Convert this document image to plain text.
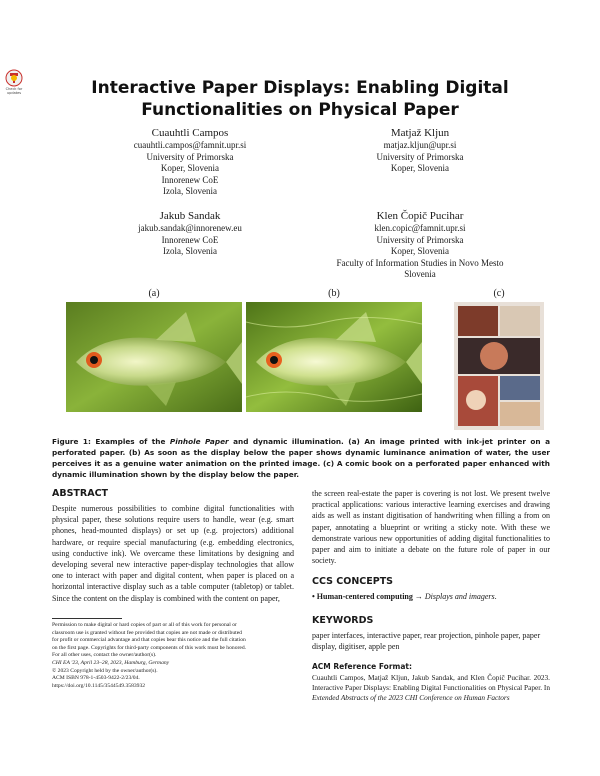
Check for updates	Interactive Paper Displays: Enabling Digital Functionalities on Physical Paper
Cuauhtli Campos
cuauhtli.campos@famnit.upr.si
University of Primorska
Koper, Slovenia
Innorenew CoE
Izola, Slovenia
Matjaž Kljun
matjaz.kljun@upr.si
University of Primorska
Koper, Slovenia
Jakub Sandak
jakub.sandak@innorenew.eu
Innorenew CoE
Izola, Slovenia
Klen Čopič Pucihar
klen.copic@famnit.upr.si
University of Primorska
Koper, Slovenia
Faculty of Information Studies in Novo Mesto
Slovenia
(a)	(b)	(c)
Figure 1: Examples of the Pinhole Paper and dynamic illumination. (a) An image printed with ink-jet printer on a perforated paper. (b) As soon as the display below the paper shows dynamic luminance animation of water, the user perceives it as a genuine water animation on the printed image. (c) A comic book on a perforated paper enhanced with dynamic illumination shown by the display below the paper.
ABSTRACT
Despite numerous possibilities to combine digital functionalities with physical paper, these solutions require users to handle, wear (e.g. smart phones, head-mounted displays) or set up (e.g. projectors) additional hardware, or require special manufacturing (e.g. embedding electronics, using conductive ink). We overcame these limitations by designing and developing several new interactive paper-display technologies that allow one to interact with paper and digital content, when paper is placed on a horizontal interactive display such as a table computer (tabletop) or tablet. Since the content on the display is combined with the content on paper,
Permission to make digital or hard copies of part or all of this work for personal or
classroom use is granted without fee provided that copies are not made or distributed
for profit or commercial advantage and that copies bear this notice and the full citation
on the first page. Copyrights for third-party components of this work must be honored.
For all other uses, contact the owner/author(s).
CHI EA '23, April 23–28, 2023, Hamburg, Germany
© 2023 Copyright held by the owner/author(s).
ACM ISBN 978-1-4503-9422-2/23/04.
https://doi.org/10.1145/3544549.3583932
the screen real-estate the paper is covering is not lost. We present twelve practical applications: various interactive learning exercises and drawing aids as well as instant digitisation of handwriting when filling a from on paper, annotating a blueprint or writing a sticky note. With these we demonstrate various new opportunities of adding digital functionalities to paper and aim to initiate a debate on the future role of paper in our society.
CCS CONCEPTS
• Human-centered computing → Displays and imagers.
KEYWORDS
paper interfaces, interactive paper, rear projection, pinhole paper, paper display, digitiser, apple pen
ACM Reference Format:
Cuauhtli Campos, Matjaž Kljun, Jakub Sandak, and Klen Čopič Pucihar. 2023. Interactive Paper Displays: Enabling Digital Functionalities on Physical Paper. In Extended Abstracts of the 2023 CHI Conference on Human Factors
